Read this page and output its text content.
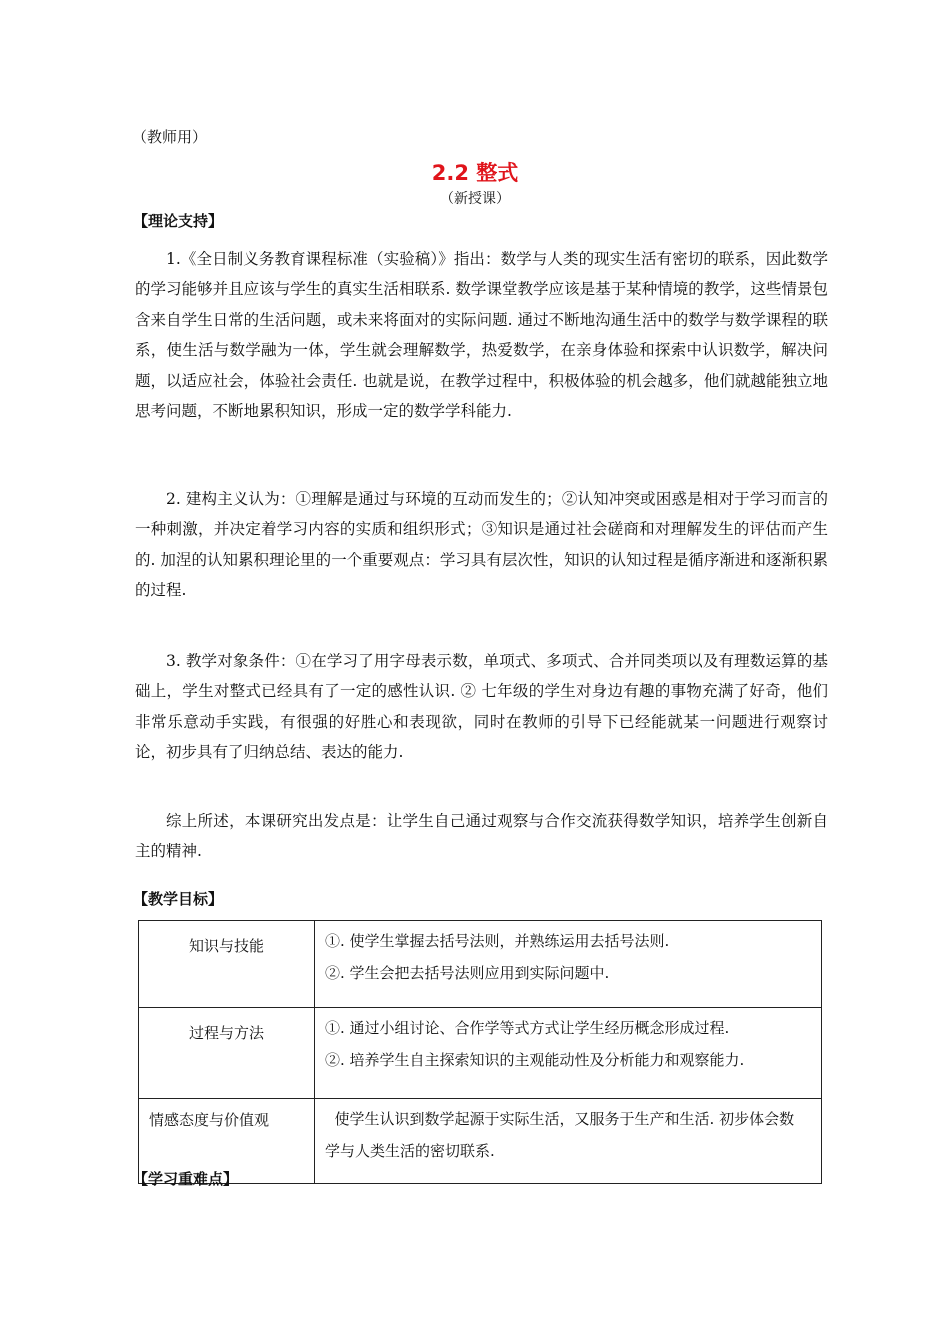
（教师用）
2.2 整式
（新授课）
【理论支持】
1.《全日制义务教育课程标准（实验稿）》指出：数学与人类的现实生活有密切的联系，因此数学的学习能够并且应该与学生的真实生活相联系. 数学课堂教学应该是基于某种情境的教学，这些情景包含来自学生日常的生活问题，或未来将面对的实际问题. 通过不断地沟通生活中的数学与数学课程的联系，使生活与数学融为一体，学生就会理解数学，热爱数学，在亲身体验和探索中认识数学，解决问题，以适应社会，体验社会责任. 也就是说，在教学过程中，积极体验的机会越多，他们就越能独立地思考问题，不断地累积知识，形成一定的数学学科能力.
2. 建构主义认为：①理解是通过与环境的互动而发生的；②认知冲突或困惑是相对于学习而言的一种刺激，并决定着学习内容的实质和组织形式；③知识是通过社会磋商和对理解发生的评估而产生的. 加涅的认知累积理论里的一个重要观点：学习具有层次性，知识的认知过程是循序渐进和逐渐积累的过程.
3. 教学对象条件：①在学习了用字母表示数，单项式、多项式、合并同类项以及有理数运算的基础上，学生对整式已经具有了一定的感性认识. ② 七年级的学生对身边有趣的事物充满了好奇，他们非常乐意动手实践，有很强的好胜心和表现欲，同时在教师的引导下已经能就某一问题进行观察讨论，初步具有了归纳总结、表达的能力.
综上所述，本课研究出发点是：让学生自己通过观察与合作交流获得数学知识，培养学生创新自主的精神.
【教学目标】
知识与技能	①. 使学生掌握去括号法则，并熟练运用去括号法则.
②. 学生会把去括号法则应用到实际问题中.

过程与方法	①. 通过小组讨论、合作学等式方式让学生经历概念形成过程.
②. 培养学生自主探索知识的主观能动性及分析能力和观察能力.

情感态度与价值观	使学生认识到数学起源于实际生活，又服务于生产和生活. 初步体会数学与人类生活的密切联系.
【学习重难点】
